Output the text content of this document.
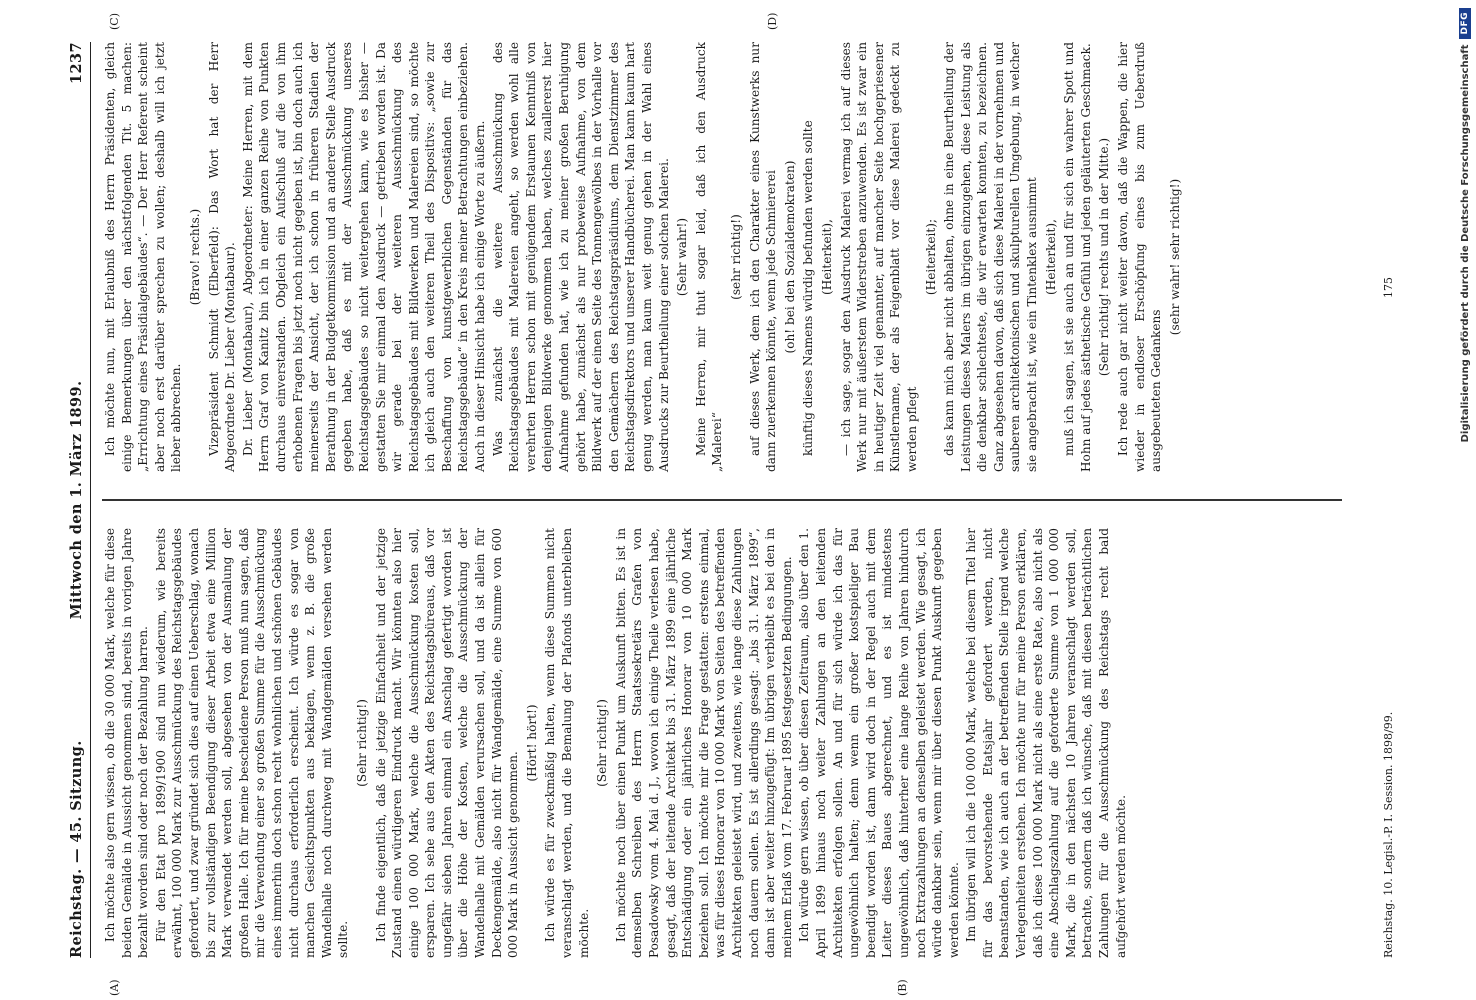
Reichstag. — 45. Sitzung.
Mittwoch den 1. März 1899.
1237
(A)	(B)
(C)	(D)

Ich möchte also gern wissen, ob die 30 000 Mark, welche für diese beiden Gemälde in Aussicht genommen sind, bereits in vorigen Jahre bezahlt worden sind oder noch der Bezahlung harren. Für den Etat pro 1899/1900 sind nun wiederum, wie bereits erwähnt, 100 000 Mark zur Ausschmückung des Reichstagsgebäudes gefordert, und zwar gründet sich dies auf einen Ueberschlag, wonach bis zur vollständigen Beendigung dieser Arbeit etwa eine Million Mark verwendet werden soll, abgesehen von der Ausmalung der großen Halle. Ich für meine bescheidene Person muß nun sagen, daß mir die Verwendung einer so großen Summe für die Ausschmückung eines immerhin doch schon recht wohnlichen und schönen Gebäudes nicht durchaus erforderlich erscheint. Ich würde es sogar von manchen Gesichtspunkten aus beklagen, wenn z. B. die große Wandelhalle noch durchweg mit Wandgemälden versehen werden sollte.

(Sehr richtig!) Ich finde eigentlich, daß die jetzige Einfachheit und der jetzige Zustand einen würdigeren Eindruck macht. Wir könnten also hier einige 100 000 Mark, welche die Ausschmückung kosten soll, ersparen. Ich sehe aus den Akten des Reichstagsbüreaus, daß vor ungefähr sieben Jahren einmal ein Anschlag gefertigt worden ist über die Höhe der Kosten, welche die Ausschmückung der Wandelhalle mit Gemälden verursachen soll, und da ist allein für Deckengemälde, also nicht für Wandgemälde, eine Summe von 600 000 Mark in Aussicht genommen.

(Hört! hört!) Ich würde es für zweckmäßig halten, wenn diese Summen nicht veranschlagt werden, und die Bemalung der Plafonds unterbleiben möchte.

(Sehr richtig!) Ich möchte noch über einen Punkt um Auskunft bitten. Es ist in demselben Schreiben des Herrn Staatssekretärs Grafen von Posadowsky vom 4. Mai d. J., wovon ich einige Theile verlesen habe, gesagt, daß der leitende Architekt bis 31. März 1899 eine jährliche Entschädigung oder ein jährliches Honorar von 10 000 Mark beziehen soll. Ich möchte mir die Frage gestatten: erstens einmal, was für dieses Honorar von 10 000 Mark von Seiten des betreffenden Architekten geleistet wird, und zweitens, wie lange diese Zahlungen noch dauern sollen. Es ist allerdings gesagt: „bis 31. März 1899“, dann ist aber weiter hinzugefügt: Im übrigen verbleibt es bei den in meinem Erlaß vom 17. Februar 1895 festgesetzten Bedingungen. Ich würde gern wissen, ob über diesen Zeitraum, also über den 1. April 1899 hinaus noch weiter Zahlungen an den leitenden Architekten erfolgen sollen. An und für sich würde ich das für ungewöhnlich halten; denn wenn ein großer kostspieliger Bau beendigt worden ist, dann wird doch in der Regel auch mit dem Leiter dieses Baues abgerechnet, und es ist mindestens ungewöhnlich, daß hinterher eine lange Reihe von Jahren hindurch noch Extrazahlungen an denselben geleistet werden. Wie gesagt, ich würde dankbar sein, wenn mir über diesen Punkt Auskunft gegeben werden könnte. Im übrigen will ich die 100 000 Mark, welche bei diesem Titel hier für das bevorstehende Etatsjahr gefordert werden, nicht beanstanden, wie ich auch an der betreffenden Stelle irgend welche Verlegenheiten erstehen. Ich möchte nur für meine Person erklären, daß ich diese 100 000 Mark nicht als eine erste Rate, also nicht als eine Abschlagszahlung auf die geforderte Summe von 1 000 000 Mark, die in den nächsten 10 Jahren veranschlagt werden soll, betrachte, sondern daß ich wünsche, daß mit diesen beträchtlichen Zahlungen für die Ausschmückung des Reichstags recht bald aufgehört werden möchte.

Ich möchte nun, mit Erlaubniß des Herrn Präsidenten, gleich einige Bemerkungen über den nächstfolgenden Tit. 5 machen: „Errichtung eines Präsidialgebäudes“. — Der Herr Referent scheint aber noch erst darüber sprechen zu wollen; deshalb will ich jetzt lieber abbrechen.

(Bravo! rechts.) Vizepräsident Schmidt (Elberfeld): Das Wort hat der Herr Abgeordnete Dr. Lieber (Montabaur). Dr. Lieber (Montabaur), Abgeordneter: Meine Herren, mit dem Herrn Graf von Kanitz bin ich in einer ganzen Reihe von Punkten durchaus einverstanden. Obgleich ein Aufschluß auf die von ihm erhobenen Fragen bis jetzt noch nicht gegeben ist, bin doch auch ich meinerseits der Ansicht, der ich schon in früheren Stadien der Berathung in der Budgetkommission und an anderer Stelle Ausdruck gegeben habe, daß es mit der Ausschmückung unseres Reichstagsgebäudes so nicht weitergehen kann, wie es bisher — gestatten Sie mir einmal den Ausdruck — getrieben worden ist. Da wir gerade bei der weiteren Ausschmückung des Reichstagsgebäudes mit Bildwerken und Malereien sind, so möchte ich gleich auch den weiteren Theil des Dispositivs: „sowie zur Beschaffung von kunstgewerblichen Gegenständen für das Reichstagsgebäude“ in den Kreis meiner Betrachtungen einbeziehen. Auch in dieser Hinsicht habe ich einige Worte zu äußern. Was zunächst die weitere Ausschmückung des Reichstagsgebäudes mit Malereien angeht, so werden wohl alle verehrten Herren schon mit genügendem Erstaunen Kenntniß von denjenigen Bildwerke genommen haben, welches zuallererst hier Aufnahme gefunden hat, wie ich zu meiner großen Beruhigung gehört habe, zunächst als nur probeweise Aufnahme, von dem Bildwerk auf der einen Seite des Tonnengewölbes in der Vorhalle vor den Gemächern des Reichstagspräsidiums, dem Dienstzimmer des Reichstagsdirektors und unserer Handbücherei. Man kann kaum hart genug werden, man kaum weit genug gehen in der Wahl eines Ausdrucks zur Beurtheilung einer solchen Malerei. (Sehr wahr!) Meine Herren, mir thut sogar leid, daß ich den Ausdruck „Malerei“

(sehr richtig!) auf dieses Werk, dem ich den Charakter eines Kunstwerks nur dann zuerkennen könnte, wenn jede Schmiererei (oh! bei den Sozialdemokraten) künftig dieses Namens würdig befunden werden sollte (Heiterkeit), — ich sage, sogar den Ausdruck Malerei vermag ich auf dieses Werk nur mit äußerstem Widerstreben anzuwenden. Es ist zwar ein in heutiger Zeit viel genannter, auf mancher Seite hochgepriesener Künstlername, der als Feigenblatt vor diese Malerei gedeckt zu werden pflegt

(Heiterkeit); das kann mich aber nicht abhalten, ohne in eine Beurtheilung der Leistungen dieses Malers im übrigen einzugehen, diese Leistung als die denkbar schlechteste, die wir erwarten konnten, zu bezeichnen. Ganz abgesehen davon, daß sich diese Malerei in der vornehmen und sauberen architektonischen und skulpturellen Umgebung, in welcher sie angebracht ist, wie ein Tintenklex ausnimmt (Heiterkeit), muß ich sagen, ist sie auch an und für sich ein wahrer Spott und Hohn auf jedes ästhetische Gefühl und jeden geläuterten Geschmack. (Sehr richtig! rechts und in der Mitte.) Ich rede auch gar nicht weiter davon, daß die Wappen, die hier wieder in endloser Erschöpfung eines bis zum Ueberdruß ausgebeuteten Gedankens

(sehr wahr! sehr richtig!)

Reichstag. 10. Legisl.-P. I. Session. 1898/99.
175	Digitalisierung gefördert durch die Deutsche Forschungsgemeinschaft
DFG
